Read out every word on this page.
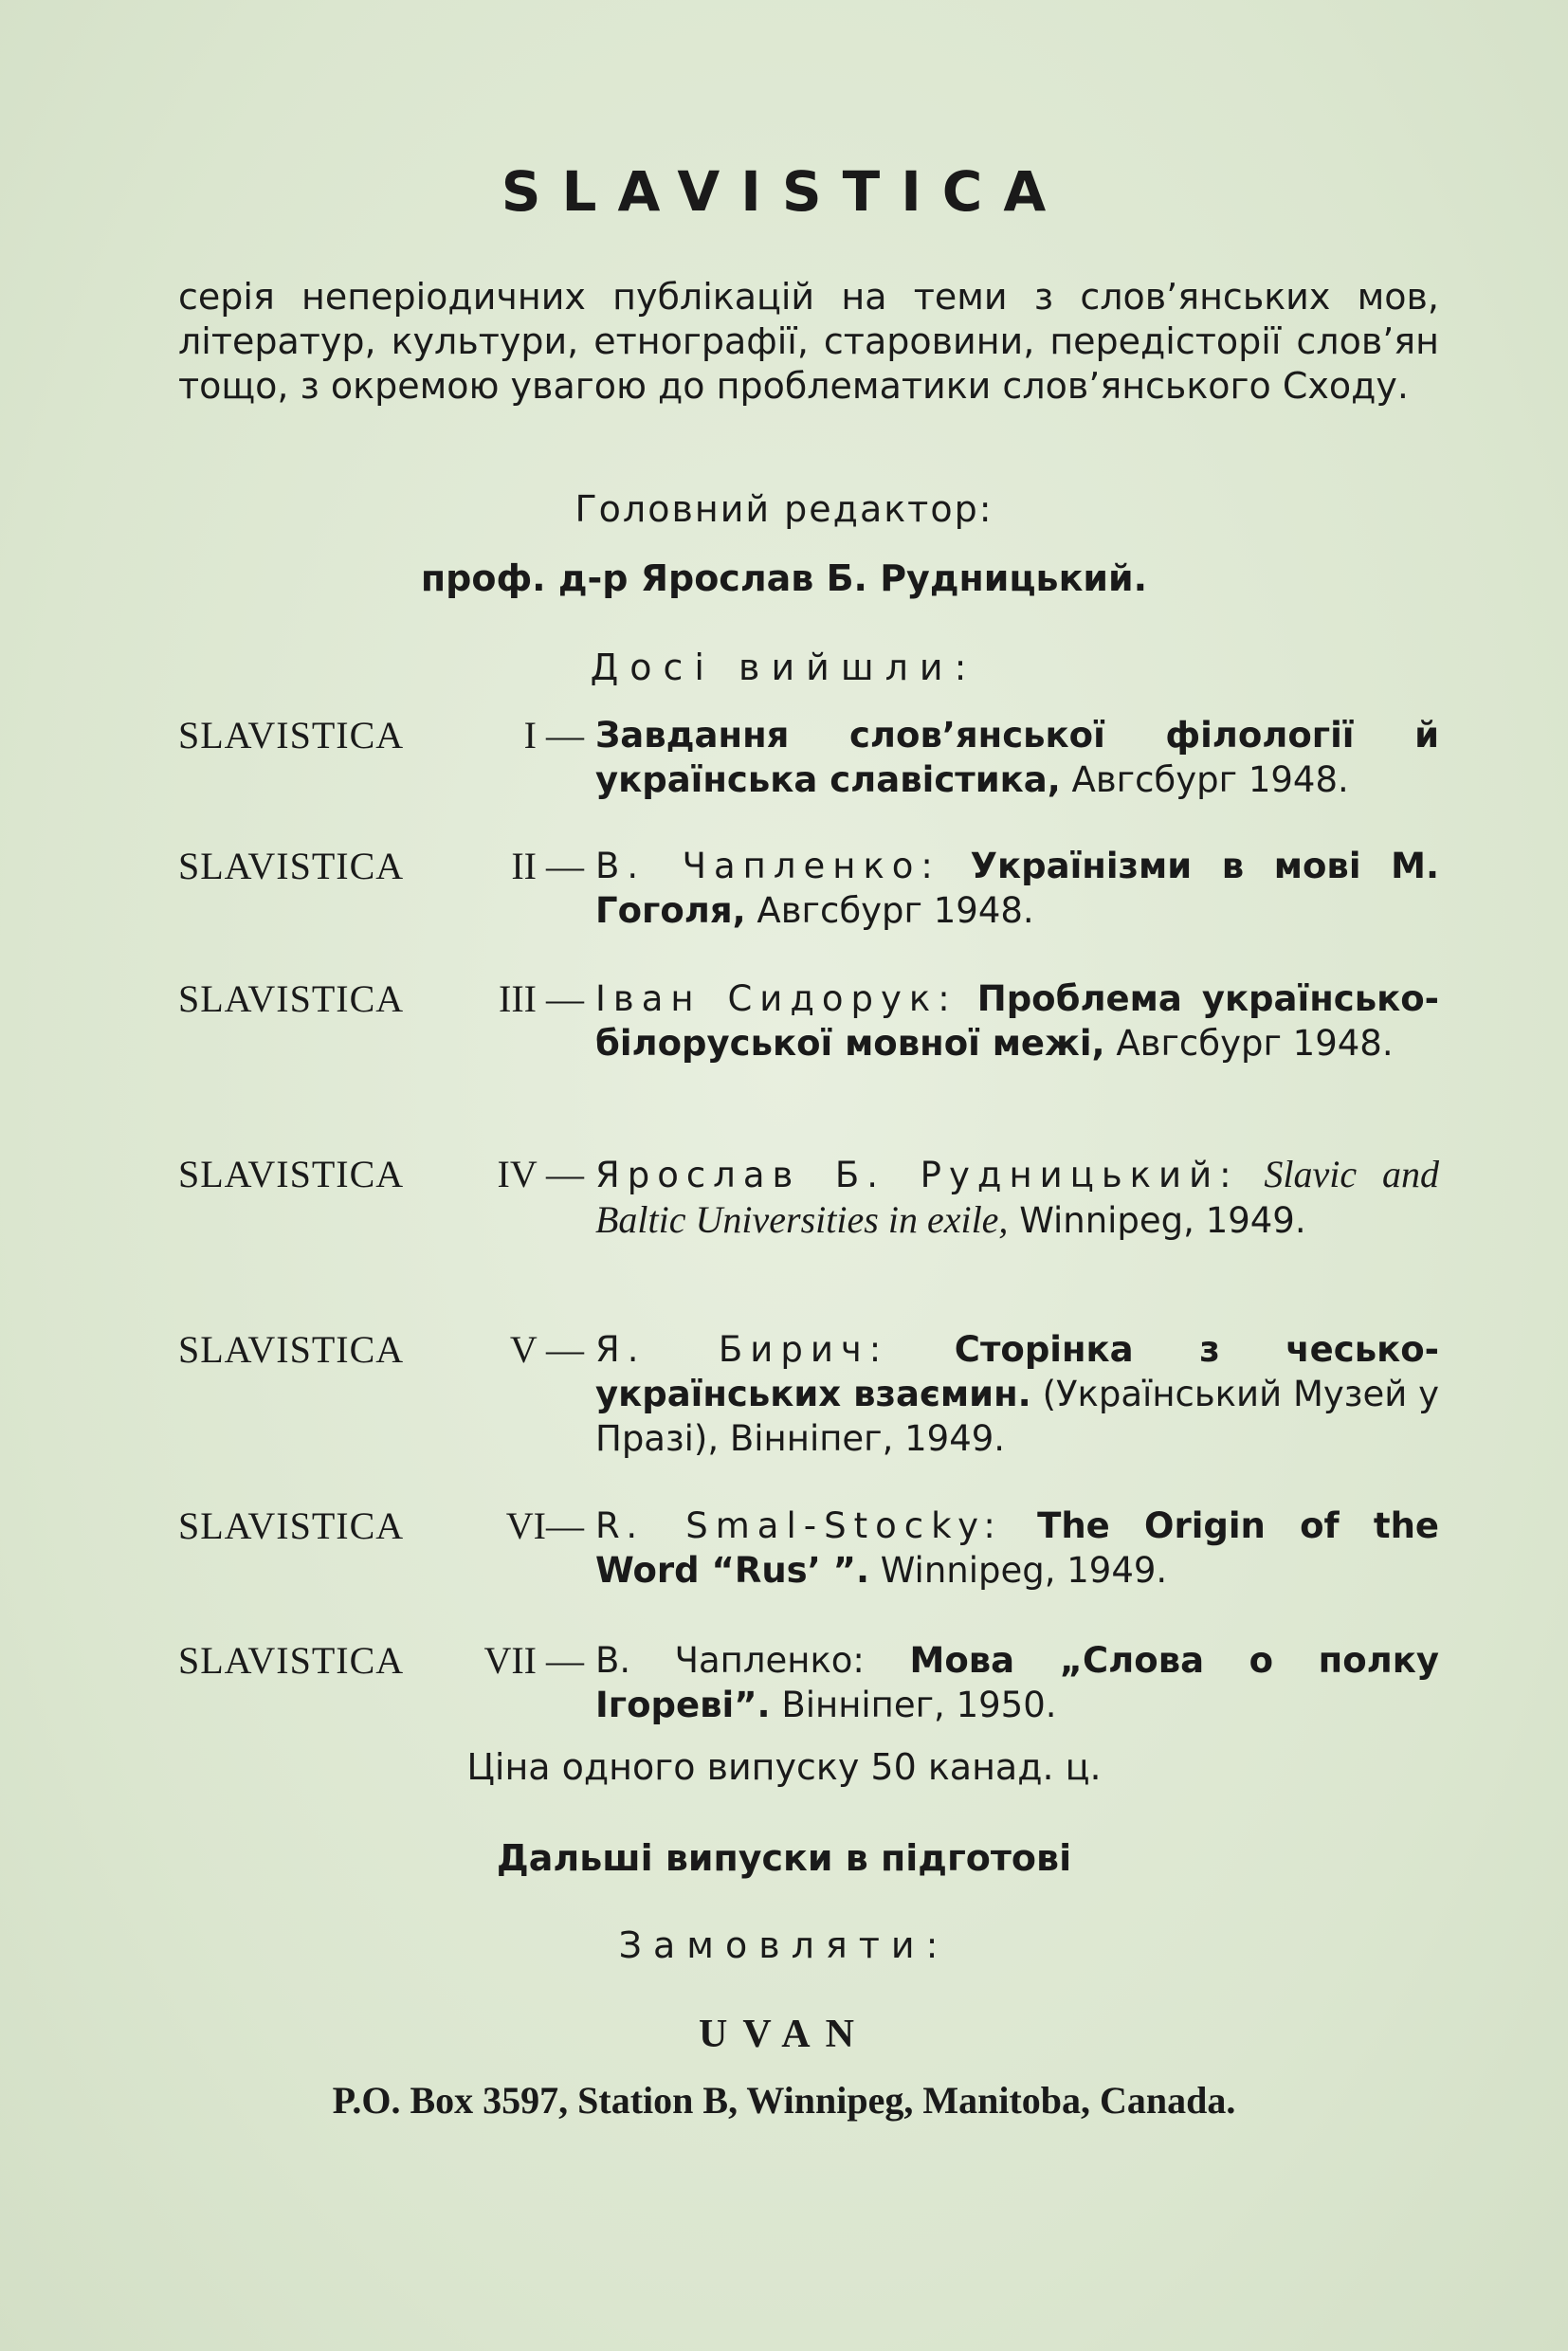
SLAVISTICA
серія неперіодичних публікацій на теми з слов’янських мов, літератур, культури, етнографії, старовини, передісторії слов’ян тощо, з окремою увагою до проблематики слов’янського Сходу.
Головний редактор:
проф. д-р Ярослав Б. Рудницький.
Досі вийшли:
SLAVISTICA	I — Завдання слов’янської філології й українська славістика, Авгсбург 1948.
SLAVISTICA	II — В. Чапленко: Українізми в мові М. Гоголя, Авгсбург 1948.
SLAVISTICA	III — Іван Сидорук: Проблема українсько-білоруської мовної межі, Авгсбург 1948.
SLAVISTICA	IV — Ярослав Б. Рудницький: Slavic and Baltic Universities in exile, Winnipeg, 1949.
SLAVISTICA	V — Я. Бирич: Сторінка з чесько-українських взаємин. (Український Музей у Празі), Вінніпег, 1949.
SLAVISTICA	VI— R. Smal-Stocky: The Origin of the Word “Rus’ ”. Winnipeg, 1949.
SLAVISTICA	VII — В. Чапленко: Мова „Слова о полку Ігореві”. Вінніпег, 1950.
Ціна одного випуску 50 канад. ц.
Дальші випуски в підготові
Замовляти:
UVAN
P.O. Box 3597, Station B, Winnipeg, Manitoba, Canada.
